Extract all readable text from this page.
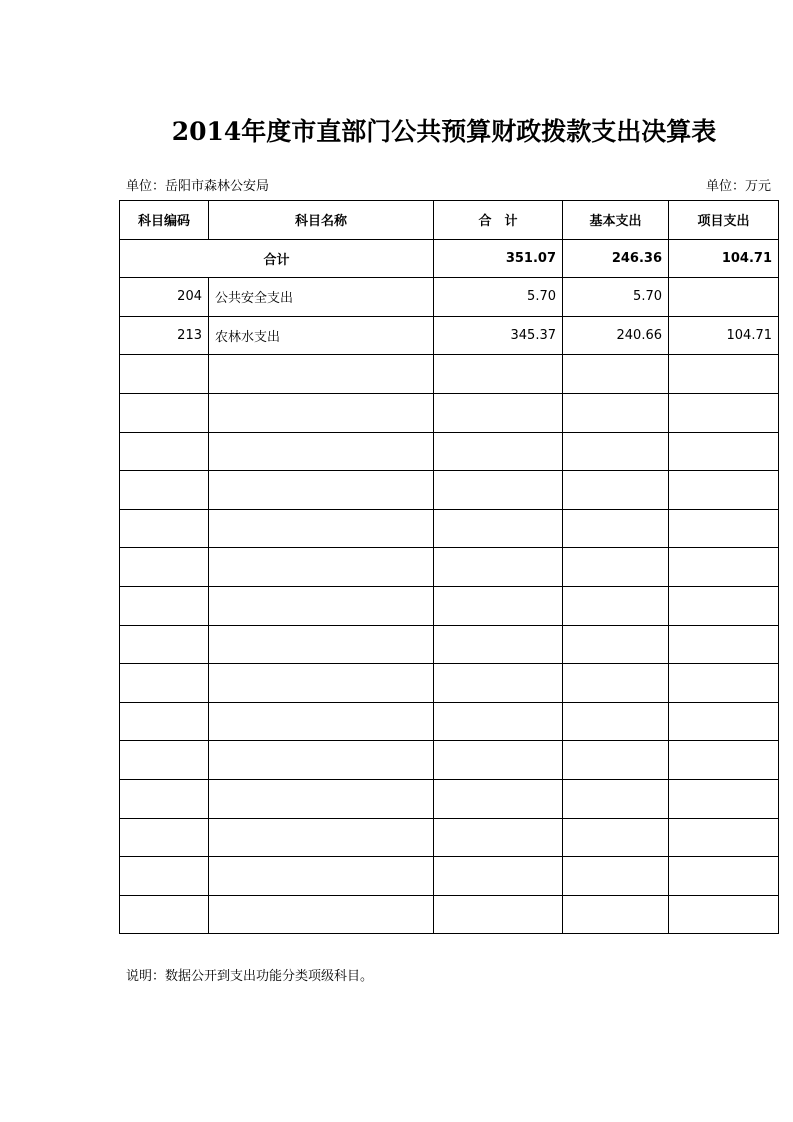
2014年度市直部门公共预算财政拨款支出决算表
单位：岳阳市森林公安局	单位：万元
科目编码	科目名称	合　计	基本支出	项目支出
合计		351.07	246.36	104.71
204	公共安全支出	5.70	5.70	
213	农林水支出	345.37	240.66	104.71

说明：数据公开到支出功能分类项级科目。
